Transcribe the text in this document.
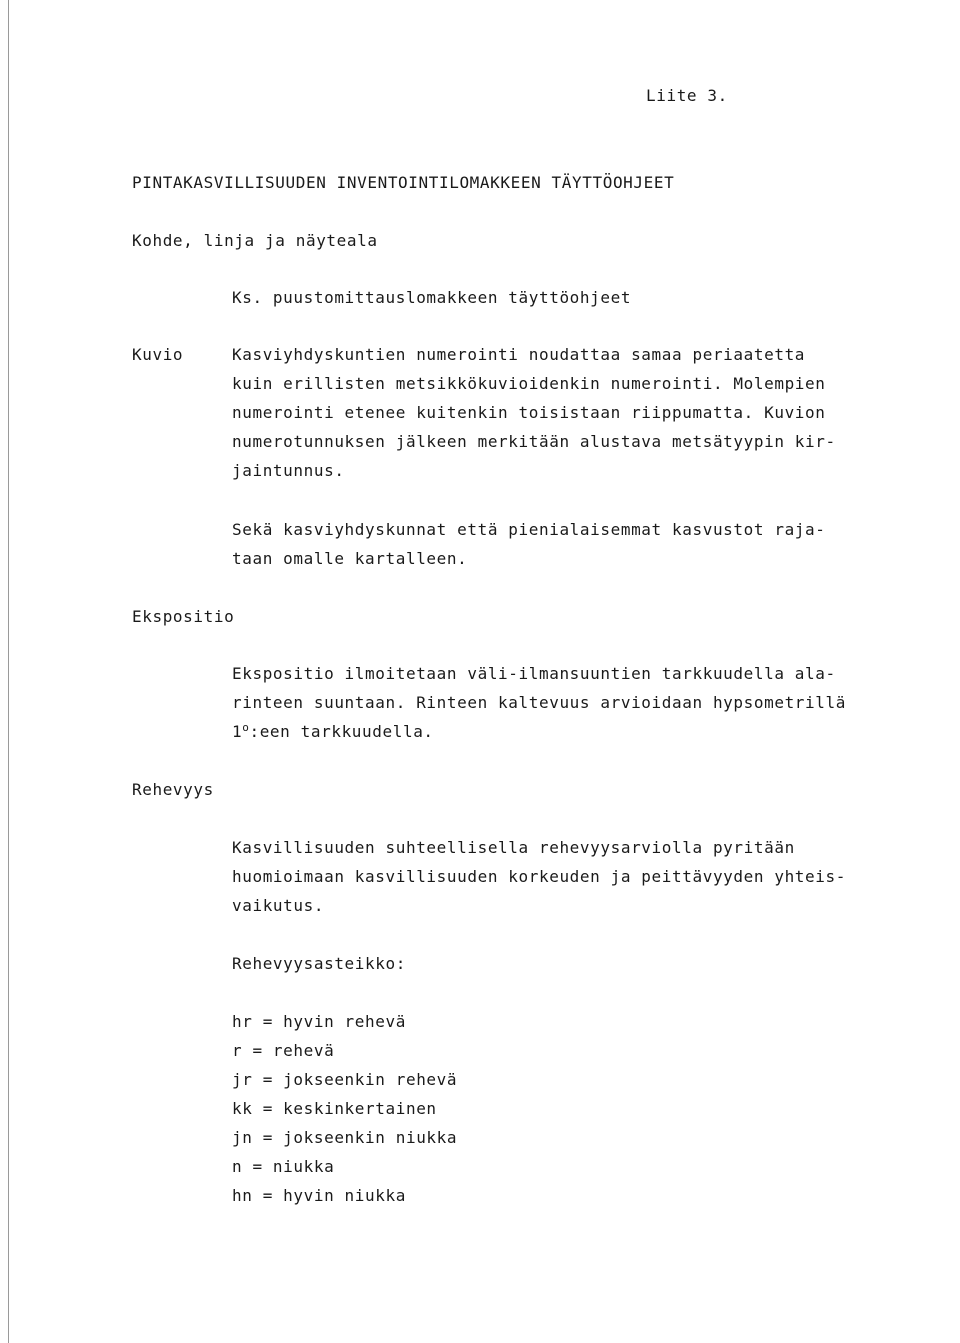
Liite 3.
PINTAKASVILLISUUDEN INVENTOINTILOMAKKEEN TÄYTTÖOHJEET
Kohde, linja ja näyteala
Ks. puustomittauslomakkeen täyttöohjeet
Kuvio	Kasviyhdyskuntien numerointi noudattaa samaa periaatetta
kuin erillisten metsikkökuvioidenkin numerointi. Molempien
numerointi etenee kuitenkin toisistaan riippumatta. Kuvion
numerotunnuksen jälkeen merkitään alustava metsätyypin kir-
jaintunnus.
Sekä kasviyhdyskunnat että pienialaisemmat kasvustot raja-
taan omalle kartalleen.
Ekspositio
Ekspositio ilmoitetaan väli-ilmansuuntien tarkkuudella ala-
rinteen suuntaan. Rinteen kaltevuus arvioidaan hypsometrillä
1$^o$:een tarkkuudella.
Rehevyys
Kasvillisuuden suhteellisella rehevyysarviolla pyritään
huomioimaan kasvillisuuden korkeuden ja peittävyyden yhteis-
vaikutus.
Rehevyysasteikko:
hr = hyvin rehevä
r = rehevä
jr = jokseenkin rehevä
kk = keskinkertainen
jn = jokseenkin niukka
n = niukka
hn = hyvin niukka
